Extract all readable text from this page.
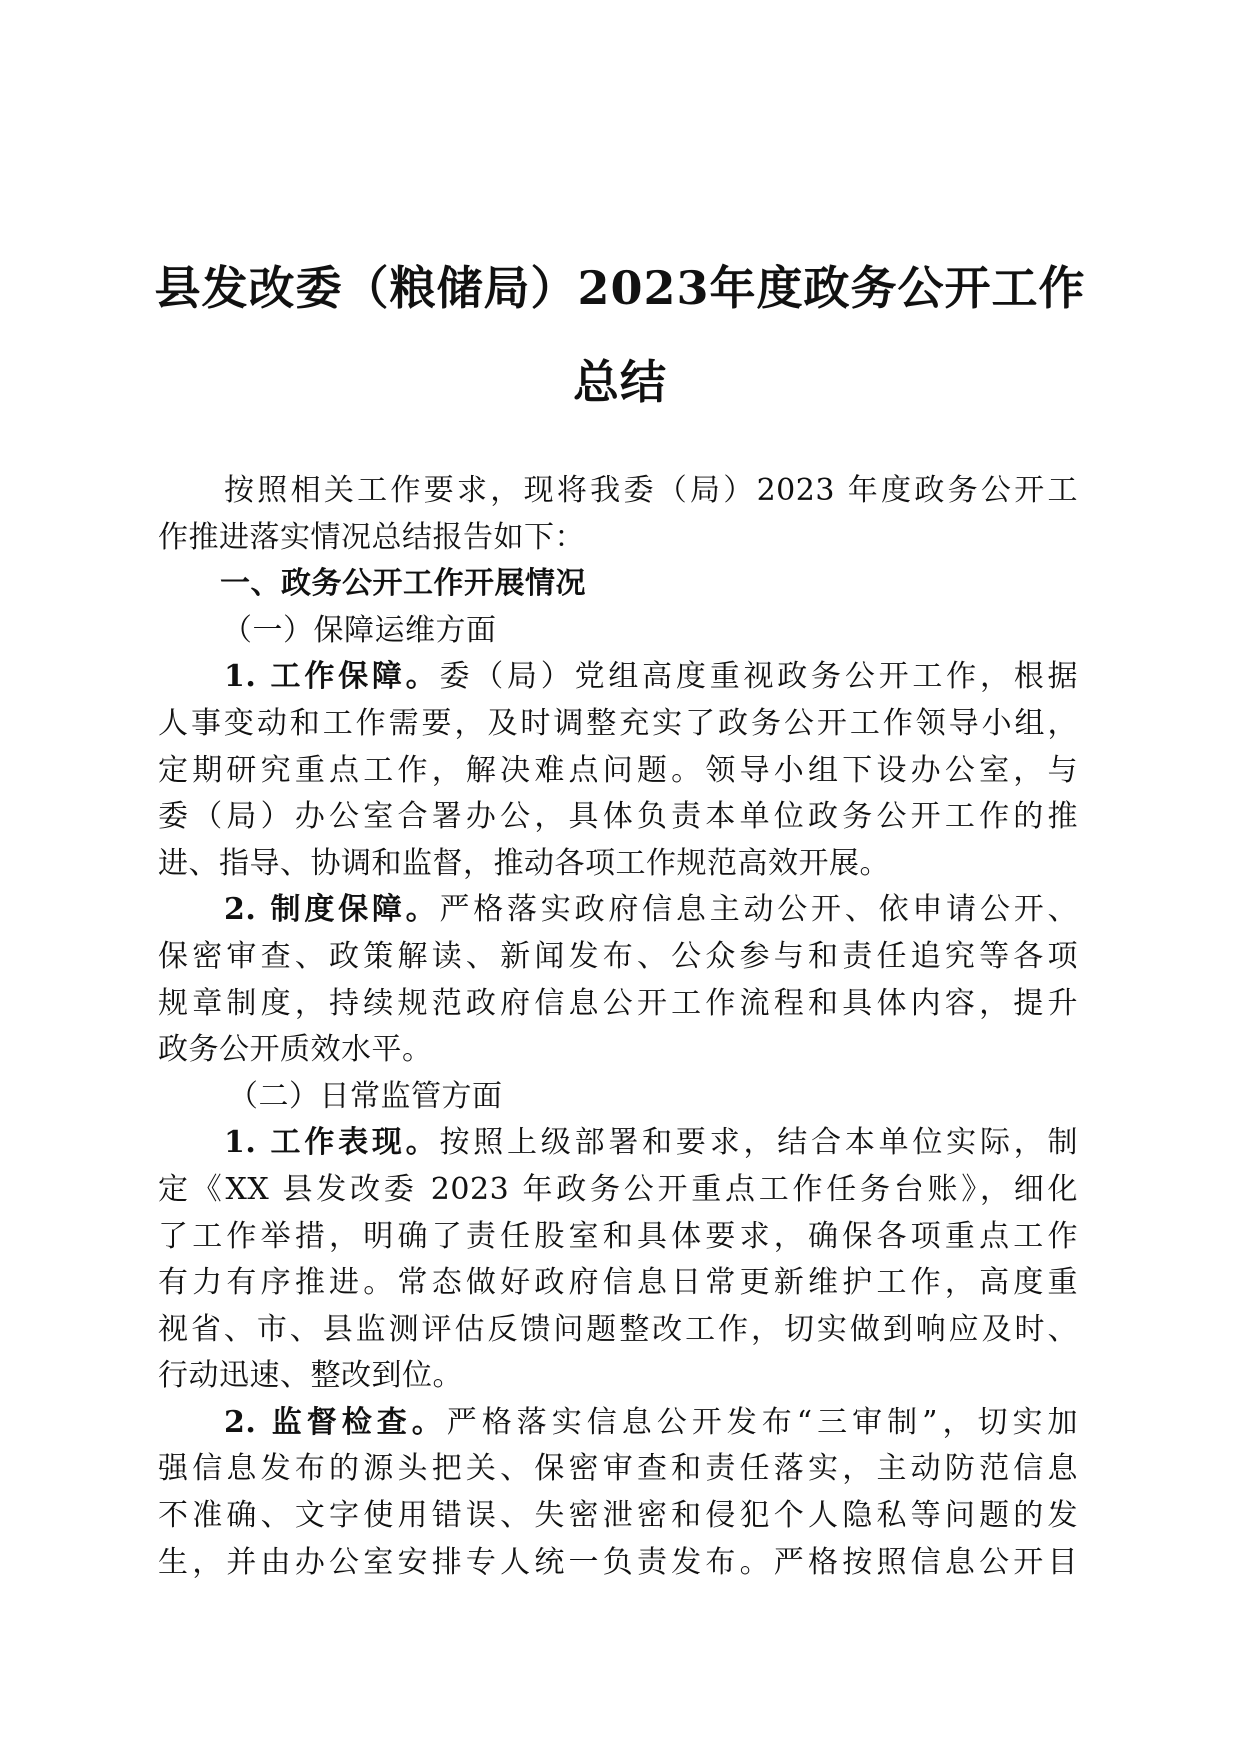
县发改委（粮储局）2023年度政务公开工作
总结
按照相关工作要求，现将我委（局）2023 年度政务公开工
作推进落实情况总结报告如下：
一、政务公开工作开展情况
（一）保障运维方面
1. 工作保障。委（局）党组高度重视政务公开工作，根据
人事变动和工作需要，及时调整充实了政务公开工作领导小组，
定期研究重点工作，解决难点问题。领导小组下设办公室，与
委（局）办公室合署办公，具体负责本单位政务公开工作的推
进、指导、协调和监督，推动各项工作规范高效开展。
2. 制度保障。严格落实政府信息主动公开、依申请公开、
保密审查、政策解读、新闻发布、公众参与和责任追究等各项
规章制度，持续规范政府信息公开工作流程和具体内容，提升
政务公开质效水平。
（二）日常监管方面
1. 工作表现。按照上级部署和要求，结合本单位实际，制
定《XX 县发改委 2023 年政务公开重点工作任务台账》，细化
了工作举措，明确了责任股室和具体要求，确保各项重点工作
有力有序推进。常态做好政府信息日常更新维护工作，高度重
视省、市、县监测评估反馈问题整改工作，切实做到响应及时、
行动迅速、整改到位。
2. 监督检查。严格落实信息公开发布“三审制”，切实加
强信息发布的源头把关、保密审查和责任落实，主动防范信息
不准确、文字使用错误、失密泄密和侵犯个人隐私等问题的发
生，并由办公室安排专人统一负责发布。严格按照信息公开目
